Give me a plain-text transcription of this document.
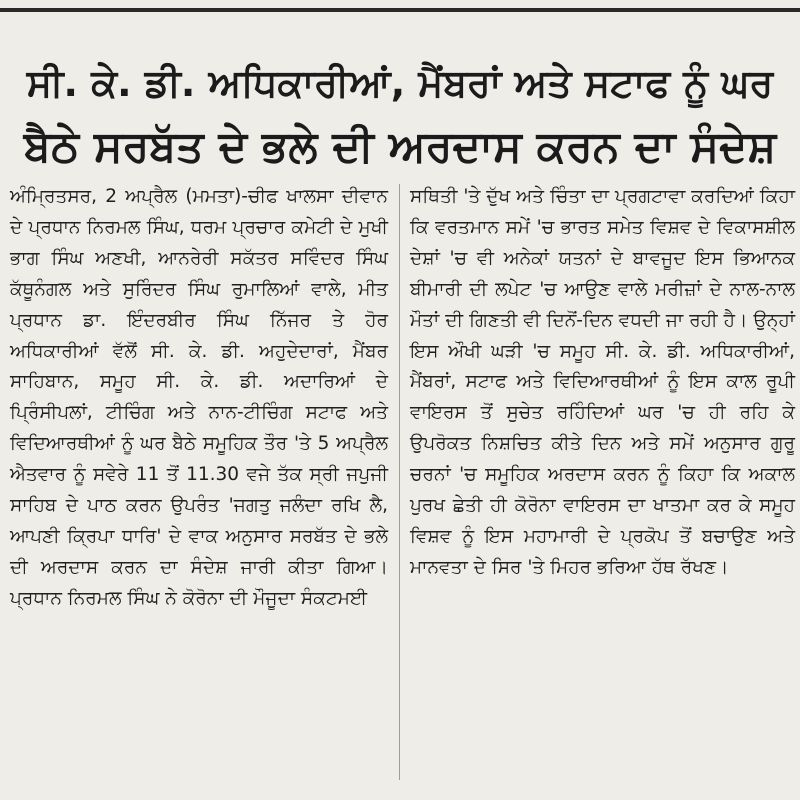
ਸੀ. ਕੇ. ਡੀ. ਅਧਿਕਾਰੀਆਂ, ਮੈਂਬਰਾਂ ਅਤੇ ਸਟਾਫ ਨੂੰ ਘਰ
ਬੈਠੇ ਸਰਬੱਤ ਦੇ ਭਲੇ ਦੀ ਅਰਦਾਸ ਕਰਨ ਦਾ ਸੰਦੇਸ਼
ਅੰਮ੍ਰਿਤਸਰ, 2 ਅਪ੍ਰੈਲ (ਮਮਤਾ)-ਚੀਫ ਖਾਲਸਾ ਦੀਵਾਨ ਦੇ ਪ੍ਰਧਾਨ ਨਿਰਮਲ ਸਿੰਘ, ਧਰਮ ਪ੍ਰਚਾਰ ਕਮੇਟੀ ਦੇ ਮੁਖੀ ਭਾਗ ਸਿੰਘ ਅਣਖੀ, ਆਨਰੇਰੀ ਸਕੱਤਰ ਸਵਿੰਦਰ ਸਿੰਘ ਕੱਥੂਨੰਗਲ ਅਤੇ ਸੁਰਿੰਦਰ ਸਿੰਘ ਰੁਮਾਲਿਆਂ ਵਾਲੇ, ਮੀਤ ਪ੍ਰਧਾਨ ਡਾ. ਇੰਦਰਬੀਰ ਸਿੰਘ ਨਿੱਜਰ ਤੇ ਹੋਰ ਅਧਿਕਾਰੀਆਂ ਵੱਲੋਂ ਸੀ. ਕੇ. ਡੀ. ਅਹੁਦੇਦਾਰਾਂ, ਮੈਂਬਰ ਸਾਹਿਬਾਨ, ਸਮੂਹ ਸੀ. ਕੇ. ਡੀ. ਅਦਾਰਿਆਂ ਦੇ ਪ੍ਰਿੰਸੀਪਲਾਂ, ਟੀਚਿੰਗ ਅਤੇ ਨਾਨ-ਟੀਚਿੰਗ ਸਟਾਫ ਅਤੇ ਵਿਦਿਆਰਥੀਆਂ ਨੂੰ ਘਰ ਬੈਠੇ ਸਮੂਹਿਕ ਤੌਰ 'ਤੇ 5 ਅਪ੍ਰੈਲ ਐਤਵਾਰ ਨੂੰ ਸਵੇਰੇ 11 ਤੋਂ 11.30 ਵਜੇ ਤੱਕ ਸ੍ਰੀ ਜਪੁਜੀ ਸਾਹਿਬ ਦੇ ਪਾਠ ਕਰਨ ਉਪਰੰਤ 'ਜਗਤੁ ਜਲੰਦਾ ਰਖਿ ਲੈ, ਆਪਣੀ ਕ੍ਰਿਪਾ ਧਾਰਿ' ਦੇ ਵਾਕ ਅਨੁਸਾਰ ਸਰਬੱਤ ਦੇ ਭਲੇ ਦੀ ਅਰਦਾਸ ਕਰਨ ਦਾ ਸੰਦੇਸ਼ ਜਾਰੀ ਕੀਤਾ ਗਿਆ। ਪ੍ਰਧਾਨ ਨਿਰਮਲ ਸਿੰਘ ਨੇ ਕੋਰੋਨਾ ਦੀ ਮੌਜੂਦਾ ਸੰਕਟਮਈ
ਸਥਿਤੀ 'ਤੇ ਦੁੱਖ ਅਤੇ ਚਿੰਤਾ ਦਾ ਪ੍ਰਗਟਾਵਾ ਕਰਦਿਆਂ ਕਿਹਾ ਕਿ ਵਰਤਮਾਨ ਸਮੇਂ 'ਚ ਭਾਰਤ ਸਮੇਤ ਵਿਸ਼ਵ ਦੇ ਵਿਕਾਸਸ਼ੀਲ ਦੇਸ਼ਾਂ 'ਚ ਵੀ ਅਨੇਕਾਂ ਯਤਨਾਂ ਦੇ ਬਾਵਜੂਦ ਇਸ ਭਿਆਨਕ ਬੀਮਾਰੀ ਦੀ ਲਪੇਟ 'ਚ ਆਉਣ ਵਾਲੇ ਮਰੀਜ਼ਾਂ ਦੇ ਨਾਲ-ਨਾਲ ਮੌਤਾਂ ਦੀ ਗਿਣਤੀ ਵੀ ਦਿਨੋਂ-ਦਿਨ ਵਧਦੀ ਜਾ ਰਹੀ ਹੈ। ਉਨ੍ਹਾਂ ਇਸ ਔਖੀ ਘੜੀ 'ਚ ਸਮੂਹ ਸੀ. ਕੇ. ਡੀ. ਅਧਿਕਾਰੀਆਂ, ਮੈਂਬਰਾਂ, ਸਟਾਫ ਅਤੇ ਵਿਦਿਆਰਥੀਆਂ ਨੂੰ ਇਸ ਕਾਲ ਰੂਪੀ ਵਾਇਰਸ ਤੋਂ ਸੁਚੇਤ ਰਹਿੰਦਿਆਂ ਘਰ 'ਚ ਹੀ ਰਹਿ ਕੇ ਉਪਰੋਕਤ ਨਿਸ਼ਚਿਤ ਕੀਤੇ ਦਿਨ ਅਤੇ ਸਮੇਂ ਅਨੁਸਾਰ ਗੁਰੂ ਚਰਨਾਂ 'ਚ ਸਮੂਹਿਕ ਅਰਦਾਸ ਕਰਨ ਨੂੰ ਕਿਹਾ ਕਿ ਅਕਾਲ ਪੁਰਖ ਛੇਤੀ ਹੀ ਕੋਰੋਨਾ ਵਾਇਰਸ ਦਾ ਖਾਤਮਾ ਕਰ ਕੇ ਸਮੂਹ ਵਿਸ਼ਵ ਨੂੰ ਇਸ ਮਹਾਮਾਰੀ ਦੇ ਪ੍ਰਕੋਪ ਤੋਂ ਬਚਾਉਣ ਅਤੇ ਮਾਨਵਤਾ ਦੇ ਸਿਰ 'ਤੇ ਮਿਹਰ ਭਰਿਆ ਹੱਥ ਰੱਖਣ।
